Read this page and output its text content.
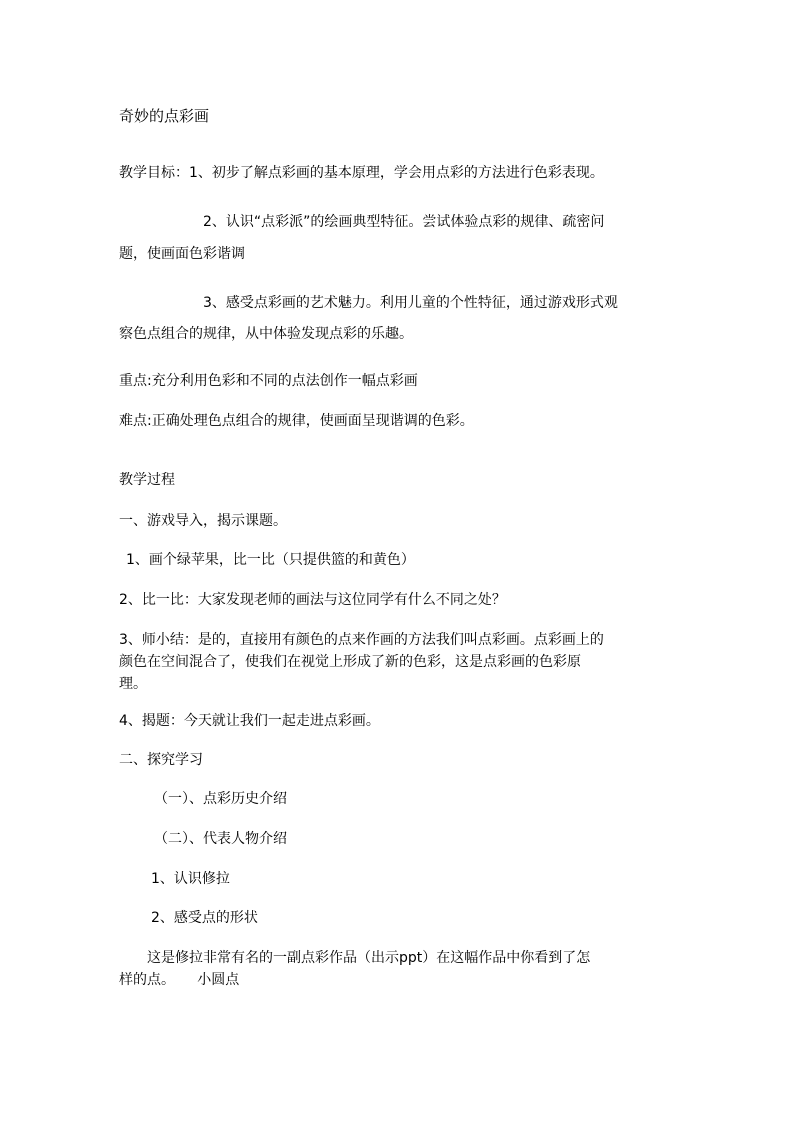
奇妙的点彩画
教学目标：1、初步了解点彩画的基本原理，学会用点彩的方法进行色彩表现。
2、认识“点彩派”的绘画典型特征。尝试体验点彩的规律、疏密问
题，使画面色彩谐调
3、感受点彩画的艺术魅力。利用儿童的个性特征，通过游戏形式观
察色点组合的规律，从中体验发现点彩的乐趣。
重点:充分利用色彩和不同的点法创作一幅点彩画
难点:正确处理色点组合的规律，使画面呈现谐调的色彩。
教学过程
一、游戏导入，揭示课题。
1、画个绿苹果，比一比（只提供篮的和黄色）
2、比一比：大家发现老师的画法与这位同学有什么不同之处？
3、师小结：是的，直接用有颜色的点来作画的方法我们叫点彩画。点彩画上的
颜色在空间混合了，使我们在视觉上形成了新的色彩，这是点彩画的色彩原
理。
4、揭题：今天就让我们一起走进点彩画。
二、探究学习
（一）、点彩历史介绍
（二）、代表人物介绍
1、认识修拉
2、感受点的形状
这是修拉非常有名的一副点彩作品（出示ppt）在这幅作品中你看到了怎
样的点。     小圆点
